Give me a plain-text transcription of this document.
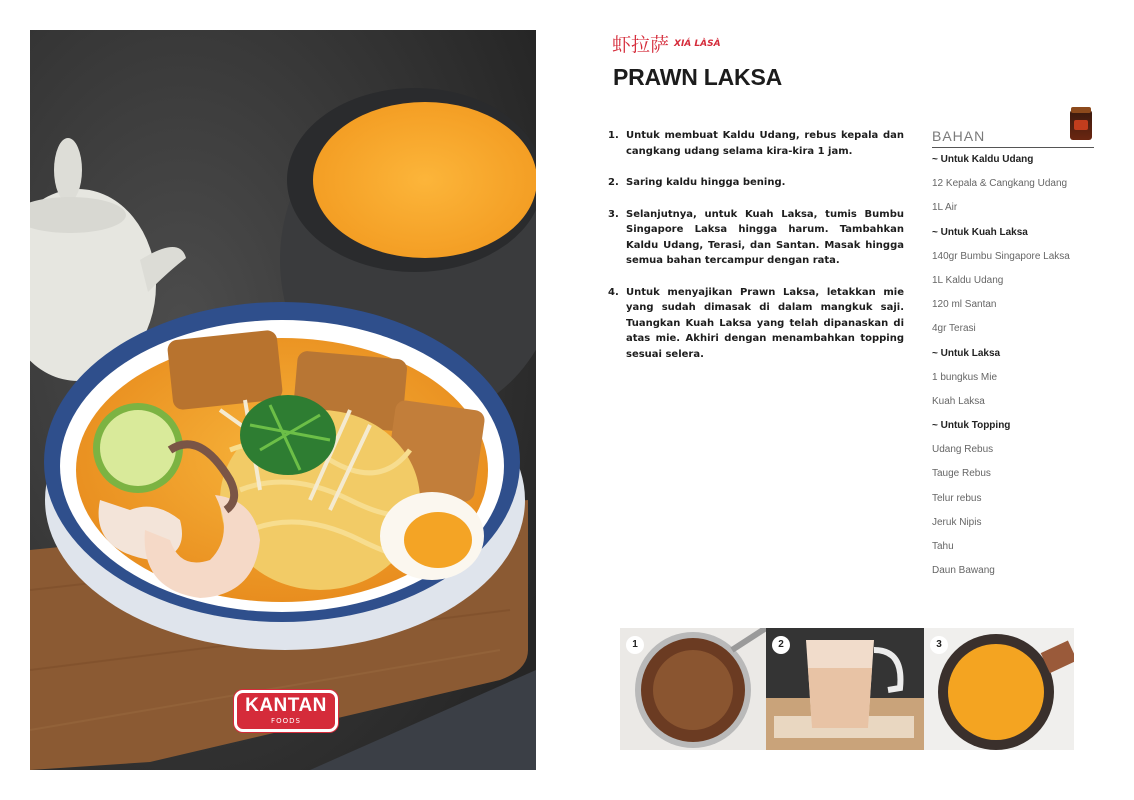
KANTAN
FOODS
虾拉萨 XIÁ LÀSÀ
PRAWN LAKSA
1. Untuk membuat Kaldu Udang, rebus kepala dan cangkang udang selama kira-kira 1 jam.
2. Saring kaldu hingga bening.
3. Selanjutnya, untuk Kuah Laksa, tumis Bumbu Singapore Laksa hingga harum. Tambahkan Kaldu Udang, Terasi, dan Santan. Masak hingga semua bahan tercampur dengan rata.
4. Untuk menyajikan Prawn Laksa, letakkan mie yang sudah dimasak di dalam mangkuk saji. Tuangkan Kuah Laksa yang telah dipanaskan di atas mie. Akhiri dengan menambahkan topping sesuai selera.
BAHAN
~ Untuk Kaldu Udang
12 Kepala & Cangkang Udang
1L Air
~ Untuk Kuah Laksa
140gr Bumbu Singapore Laksa
1L Kaldu Udang
120 ml Santan
4gr Terasi
~ Untuk Laksa
1 bungkus Mie
Kuah Laksa
~ Untuk Topping
Udang Rebus
Tauge Rebus
Telur rebus
Jeruk Nipis
Tahu
Daun Bawang
1	2	3
